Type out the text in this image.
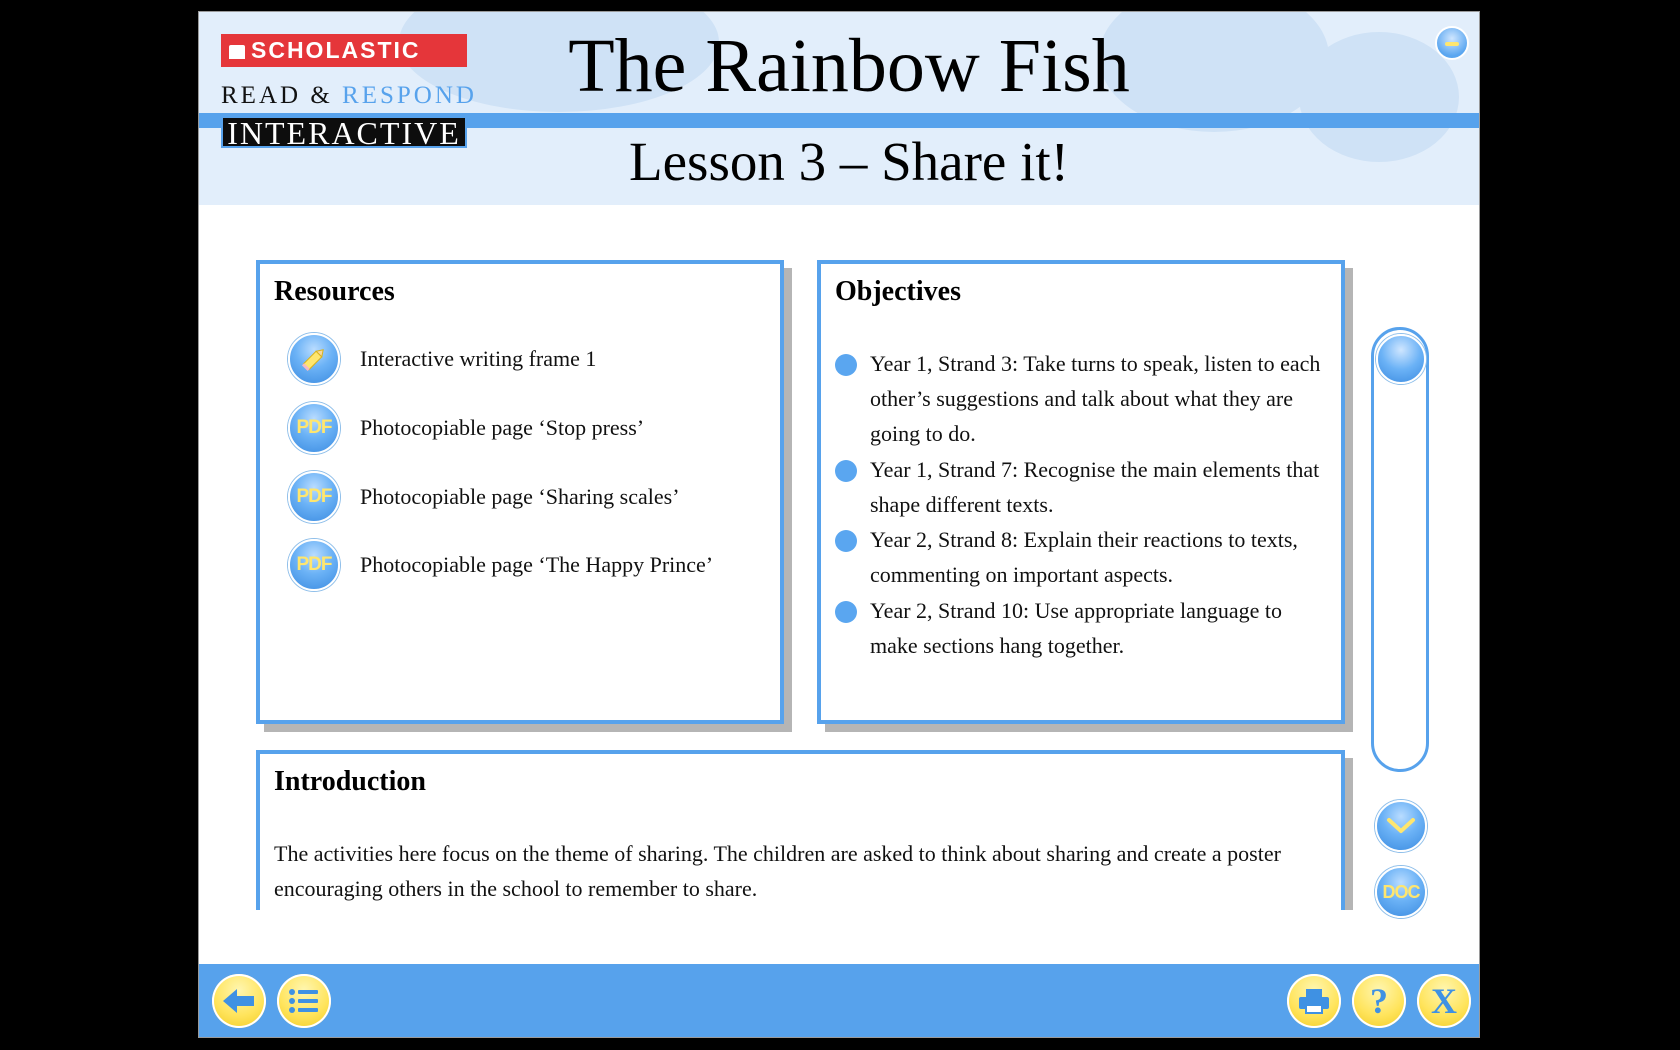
SCHOLASTIC
READ & RESPOND
INTERACTIVE
The Rainbow Fish
Lesson 3 – Share it!
Resources
Interactive writing frame 1
PDF	Photocopiable page ‘Stop press’
PDF	Photocopiable page ‘Sharing scales’
PDF	Photocopiable page ‘The Happy Prince’
Objectives
Year 1, Strand 3: Take turns to speak, listen to each other’s suggestions and talk about what they are going to do.
Year 1, Strand 7: Recognise the main elements that shape different texts.
Year 2, Strand 8: Explain their reactions to texts, commenting on important aspects.
Year 2, Strand 10: Use appropriate language to make sections hang together.
Introduction
The activities here focus on the theme of sharing. The children are asked to think about sharing and create a poster encouraging others in the school to remember to share.	DOC
?	X
